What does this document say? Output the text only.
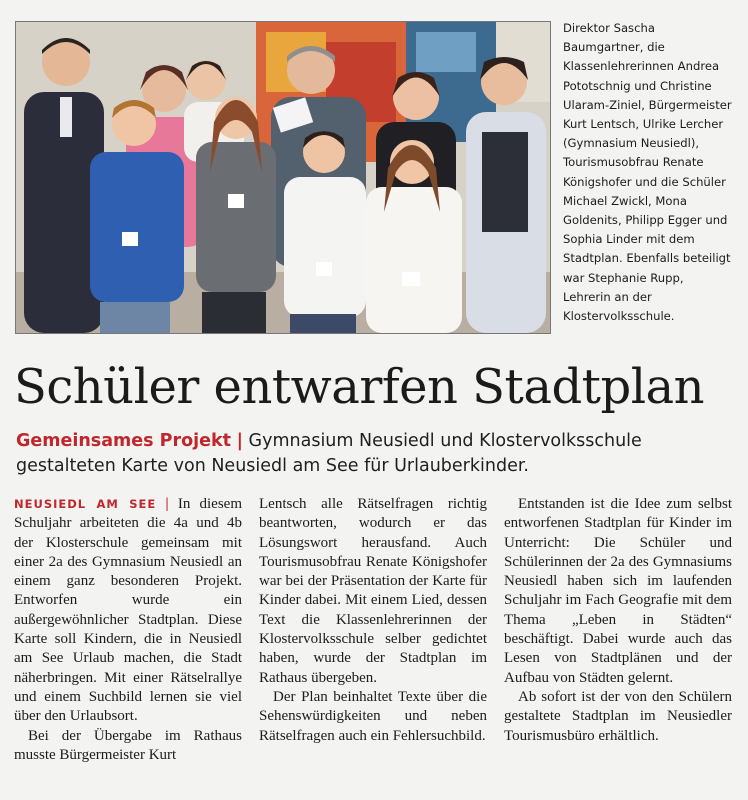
Direktor Sascha Baumgartner, die Klassenlehrerinnen Andrea Pototschnig und Christine Ularam-Ziniel, Bürgermeister Kurt Lentsch, Ulrike Lercher (Gymnasium Neusiedl), Tourismusobfrau Renate Königshofer und die Schüler Michael Zwickl, Mona Goldenits, Philipp Egger und Sophia Linder mit dem Stadtplan. Ebenfalls beteiligt war Stephanie Rupp, Lehrerin an der Klostervolksschule.
Schüler entwarfen Stadtplan
Gemeinsames Projekt | Gymnasium Neusiedl und Klostervolksschule gestalteten Karte von Neusiedl am See für Urlauberkinder.

NEUSIEDL AM SEE | In diesem Schuljahr arbeiteten die 4a und 4b der Klosterschule gemeinsam mit einer 2a des Gymnasium Neusiedl an einem ganz besonderen Projekt. Entworfen wurde ein außergewöhnlicher Stadtplan. Diese Karte soll Kindern, die in Neusiedl am See Urlaub machen, die Stadt näherbringen. Mit einer Rätselrallye und einem Suchbild lernen sie viel über den Urlaubsort.

Bei der Übergabe im Rathaus musste Bürgermeister Kurt

Lentsch alle Rätselfragen richtig beantworten, wodurch er das Lösungswort herausfand. Auch Tourismusobfrau Renate Königshofer war bei der Präsentation der Karte für Kinder dabei. Mit einem Lied, dessen Text die Klassenlehrerinnen der Klostervolksschule selber gedichtet haben, wurde der Stadtplan im Rathaus übergeben.

Der Plan beinhaltet Texte über die Sehenswürdigkeiten und neben Rätselfragen auch ein Fehlersuchbild.

Entstanden ist die Idee zum selbst entworfenen Stadtplan für Kinder im Unterricht: Die Schüler und Schülerinnen der 2a des Gymnasiums Neusiedl haben sich im laufenden Schuljahr im Fach Geografie mit dem Thema „Leben in Städten“ beschäftigt. Dabei wurde auch das Lesen von Stadtplänen und der Aufbau von Städten gelernt.

Ab sofort ist der von den Schülern gestaltete Stadtplan im Neusiedler Tourismusbüro erhältlich.
